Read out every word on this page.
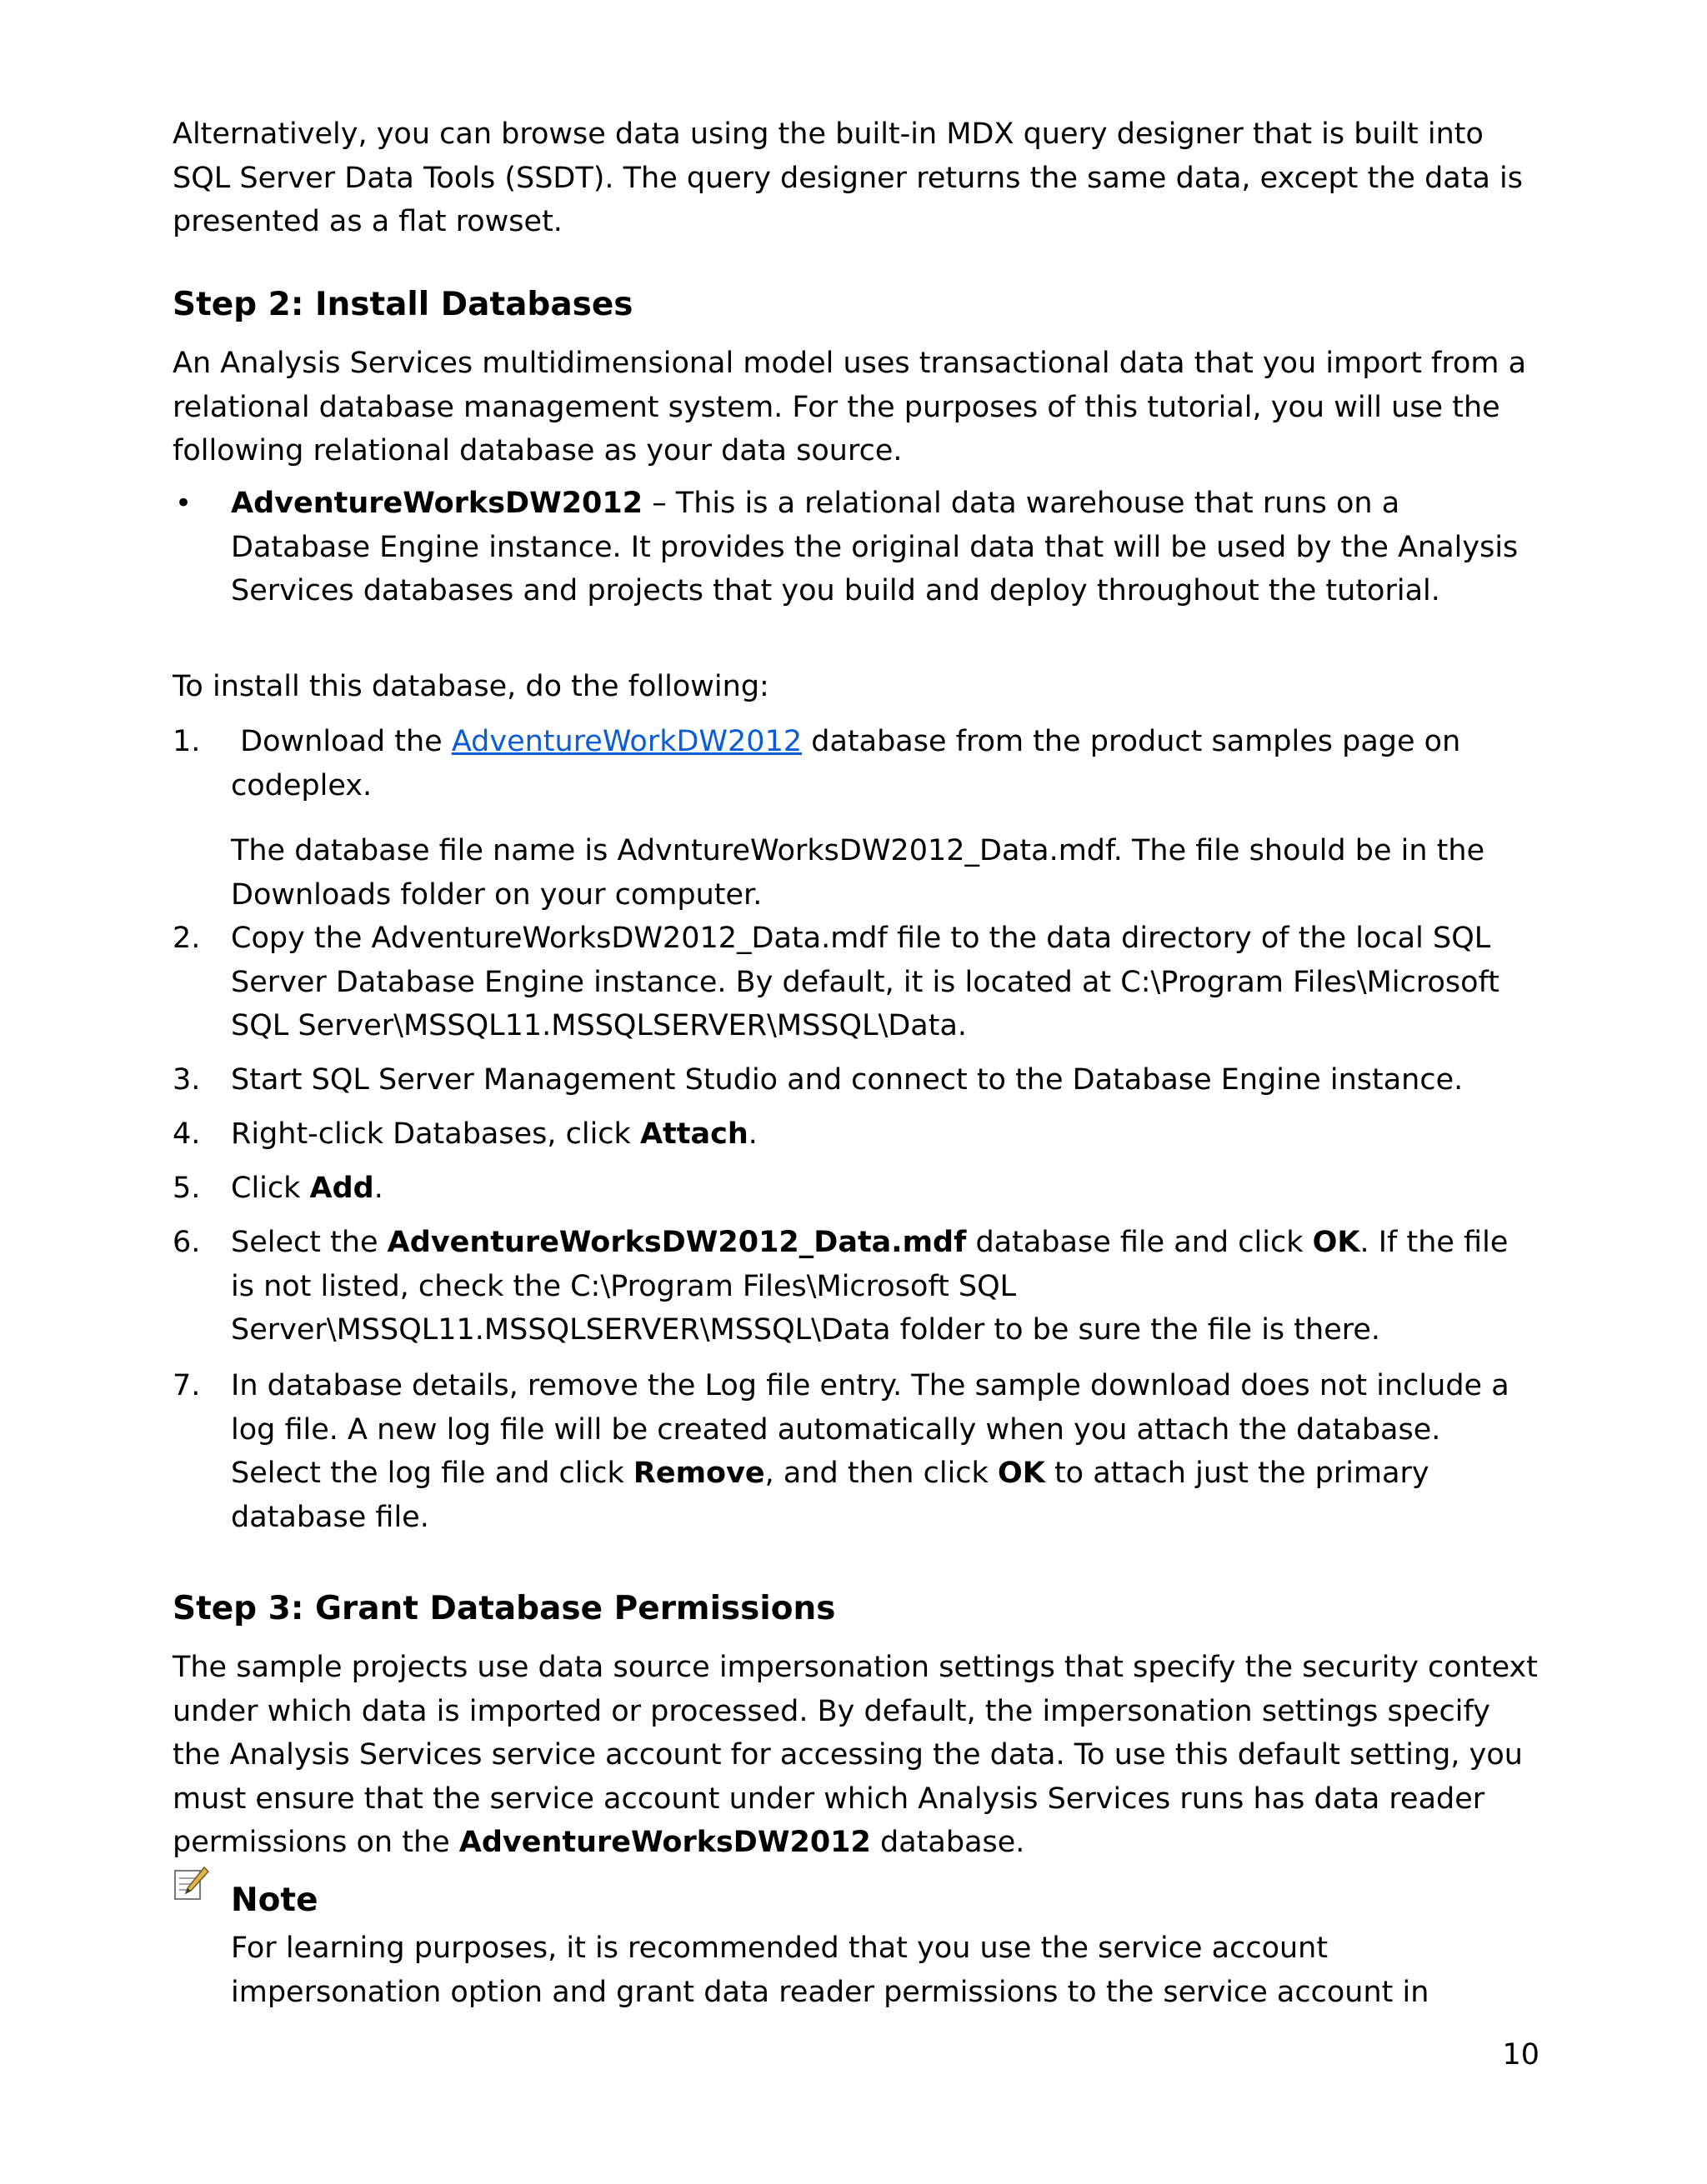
Alternatively, you can browse data using the built-in MDX query designer that is built into SQL Server Data Tools (SSDT). The query designer returns the same data, except the data is presented as a flat rowset.

Step 2: Install Databases

An Analysis Services multidimensional model uses transactional data that you import from a relational database management system. For the purposes of this tutorial, you will use the following relational database as your data source.

• AdventureWorksDW2012 – This is a relational data warehouse that runs on a Database Engine instance. It provides the original data that will be used by the Analysis Services databases and projects that you build and deploy throughout the tutorial.

To install this database, do the following:

1.	Download the AdventureWorkDW2012 database from the product samples page on codeplex.

The database file name is AdvntureWorksDW2012_Data.mdf. The file should be in the Downloads folder on your computer.

2.	Copy the AdventureWorksDW2012_Data.mdf file to the data directory of the local SQL Server Database Engine instance. By default, it is located at C:\Program Files\Microsoft SQL Server\MSSQL11.MSSQLSERVER\MSSQL\Data.
3.	Start SQL Server Management Studio and connect to the Database Engine instance.
4.	Right-click Databases, click Attach.
5.	Click Add.
6.	Select the AdventureWorksDW2012_Data.mdf database file and click OK. If the file is not listed, check the C:\Program Files\Microsoft SQL Server\MSSQL11.MSSQLSERVER\MSSQL\Data folder to be sure the file is there.
7.	In database details, remove the Log file entry. The sample download does not include a log file. A new log file will be created automatically when you attach the database. Select the log file and click Remove, and then click OK to attach just the primary database file.
Step 3: Grant Database Permissions

The sample projects use data source impersonation settings that specify the security context under which data is imported or processed. By default, the impersonation settings specify the Analysis Services service account for accessing the data. To use this default setting, you must ensure that the service account under which Analysis Services runs has data reader permissions on the AdventureWorksDW2012 database.

Note

For learning purposes, it is recommended that you use the service account impersonation option and grant data reader permissions to the service account in

10
